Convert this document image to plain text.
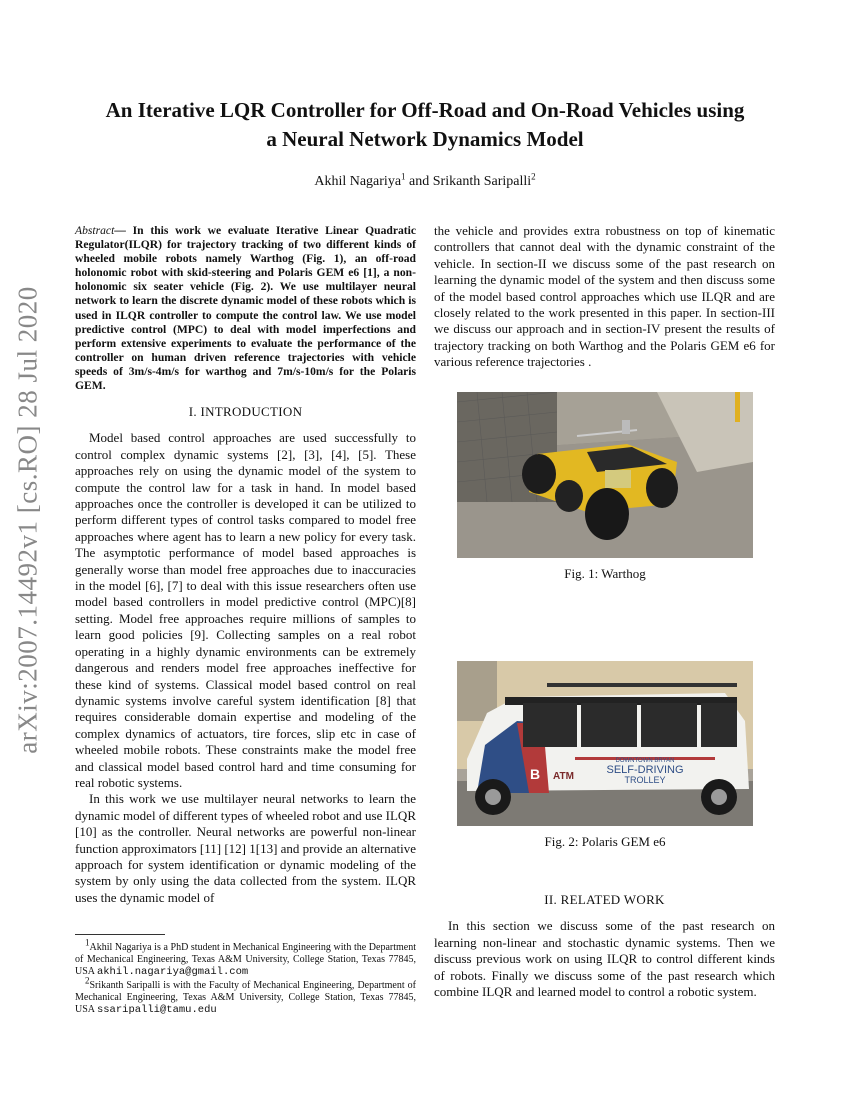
arXiv:2007.14492v1 [cs.RO] 28 Jul 2020
An Iterative LQR Controller for Off-Road and On-Road Vehicles using
a Neural Network Dynamics Model
Akhil Nagariya$^1$ and Srikanth Saripalli$^2$
Abstract— In this work we evaluate Iterative Linear Quadratic Regulator(ILQR) for trajectory tracking of two different kinds of wheeled mobile robots namely Warthog (Fig. 1), an off-road holonomic robot with skid-steering and Polaris GEM e6 [1], a non-holonomic six seater vehicle (Fig. 2). We use multilayer neural network to learn the discrete dynamic model of these robots which is used in ILQR controller to compute the control law. We use model predictive control (MPC) to deal with model imperfections and perform extensive experiments to evaluate the performance of the controller on human driven reference trajectories with vehicle speeds of 3m/s-4m/s for warthog and 7m/s-10m/s for the Polaris GEM.
I. INTRODUCTION

Model based control approaches are used successfully to control complex dynamic systems [2], [3], [4], [5]. These approaches rely on using the dynamic model of the system to compute the control law for a task in hand. In model based approaches once the controller is developed it can be utilized to perform different types of control tasks compared to model free approaches where agent has to learn a new policy for every task. The asymptotic performance of model based approaches is generally worse than model free approaches due to inaccuracies in the model [6], [7] to deal with this issue researchers often use model based controllers in model predictive control (MPC)[8] setting. Model free approaches require millions of samples to learn good policies [9]. Collecting samples on a real robot operating in a highly dynamic environments can be extremely dangerous and renders model free approaches ineffective for these kind of systems. Classical model based control on real dynamic systems involve careful system identification [8] that requires considerable domain expertise and modeling of the complex dynamics of actuators, tire forces, slip etc in case of wheeled mobile robots. These constraints make the model free and classical model based control hard and time consuming for real robotic systems.

In this work we use multilayer neural networks to learn the dynamic model of different types of wheeled robot and use ILQR [10] as the controller. Neural networks are powerful non-linear function approximators [11] [12] 1[13] and provide an alternative approach for system identification or dynamic modeling of the system by only using the data collected from the system. ILQR uses the dynamic model of

$^1$Akhil Nagariya is a PhD student in Mechanical Engineering with the Department of Mechanical Engineering, Texas A&M University, College Station, Texas 77845, USA akhil.nagariya@gmail.com
$^2$Srikanth Saripalli is with the Faculty of Mechanical Engineering, Department of Mechanical Engineering, Texas A&M University, College Station, Texas 77845, USA ssaripalli@tamu.edu

the vehicle and provides extra robustness on top of kinematic controllers that cannot deal with the dynamic constraint of the vehicle. In section-II we discuss some of the past research on learning the dynamic model of the system and then discuss some of the model based control approaches which use ILQR and are closely related to the work presented in this paper. In section-III we discuss our approach and in section-IV present the results of trajectory tracking on both Warthog and the Polaris GEM e6 for various reference trajectories .

Fig. 1: Warthog
DOWNTOWN BRYAN
SELF-DRIVING
TROLLEY
B ATM
Fig. 2: Polaris GEM e6
II. RELATED WORK

In this section we discuss some of the past research on learning non-linear and stochastic dynamic systems. Then we discuss previous work on using ILQR to control different kinds of robots. Finally we discuss some of the past research which combine ILQR and learned model to control a robotic system.
